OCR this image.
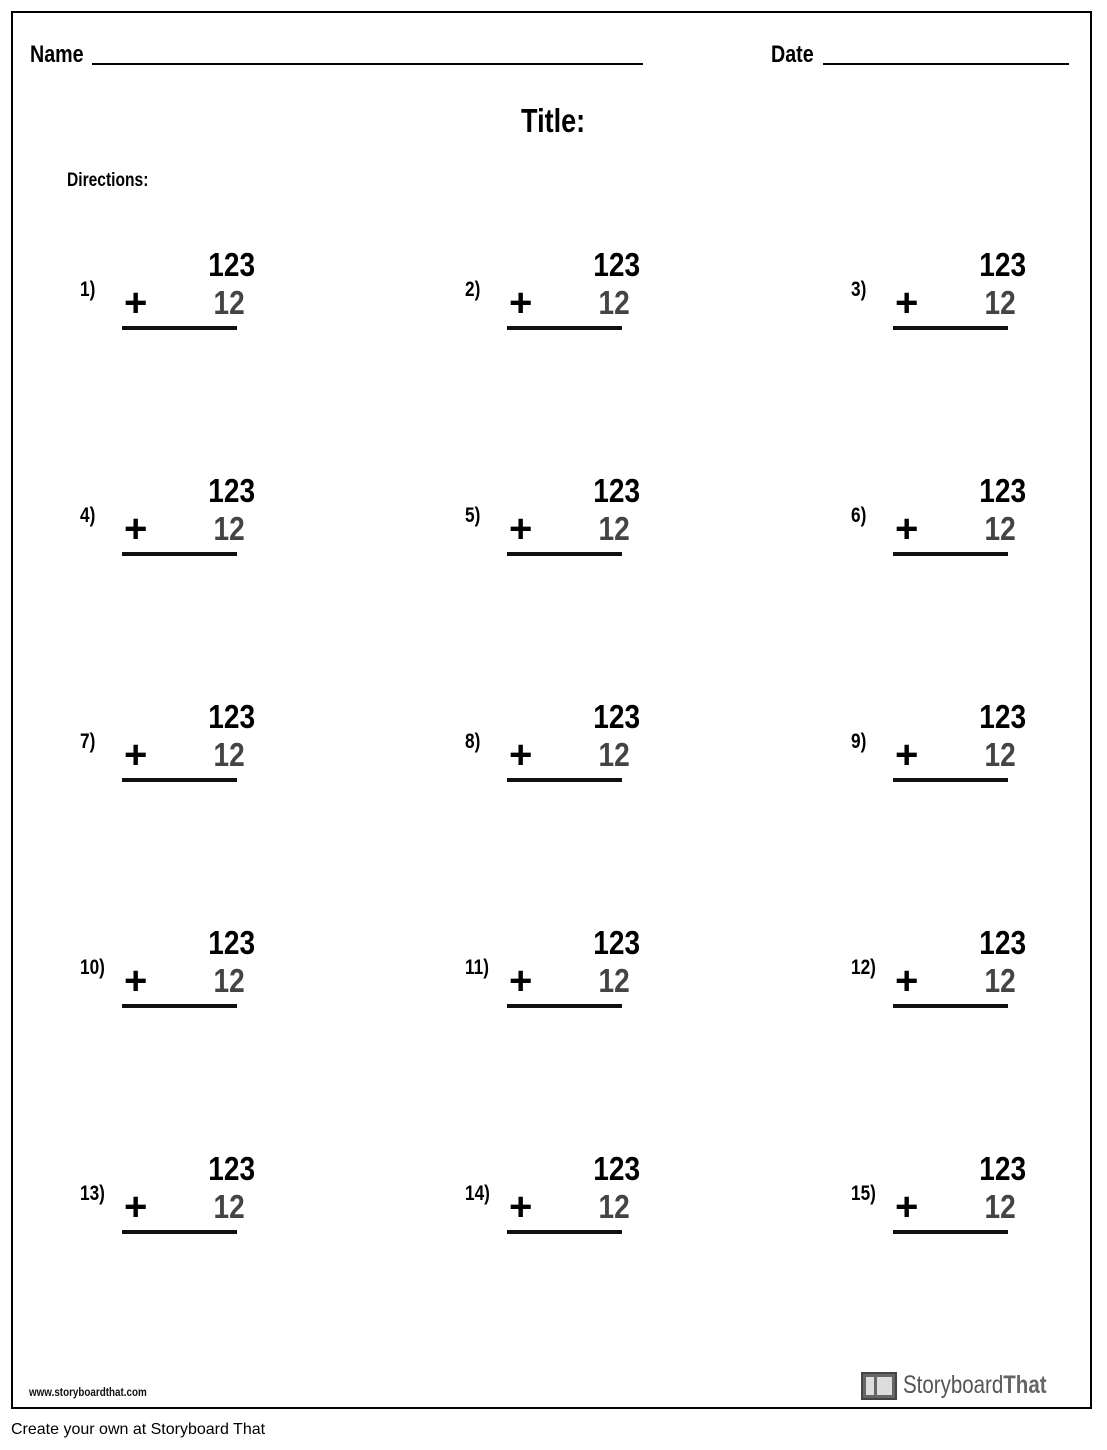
Name	Date
Title:
Directions:
1)
123
+	12	2)
123
+	12	3)
123
+	12
4)
123
+	12	5)
123
+	12	6)
123
+	12
7)
123
+	12	8)
123
+	12	9)
123
+	12
10)
123
+	12	11)
123
+	12	12)
123
+	12
13)
123
+	12	14)
123
+	12	15)
123
+	12
www.storyboardthat.com	StoryboardThat
Create your own at Storyboard That
